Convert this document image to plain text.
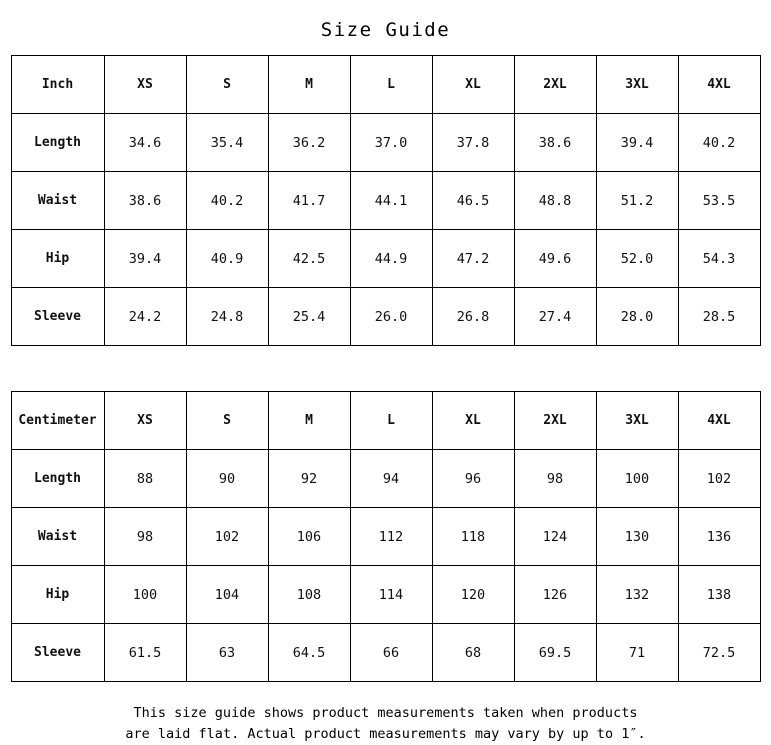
Size Guide
Inch	XS	S	M	L	XL	2XL	3XL	4XL
Length	34.6	35.4	36.2	37.0	37.8	38.6	39.4	40.2
Waist	38.6	40.2	41.7	44.1	46.5	48.8	51.2	53.5
Hip	39.4	40.9	42.5	44.9	47.2	49.6	52.0	54.3
Sleeve	24.2	24.8	25.4	26.0	26.8	27.4	28.0	28.5
Centimeter	XS	S	M	L	XL	2XL	3XL	4XL
Length	88	90	92	94	96	98	100	102
Waist	98	102	106	112	118	124	130	136
Hip	100	104	108	114	120	126	132	138
Sleeve	61.5	63	64.5	66	68	69.5	71	72.5
This size guide shows product measurements taken when products
are laid flat. Actual product measurements may vary by up to 1″.
